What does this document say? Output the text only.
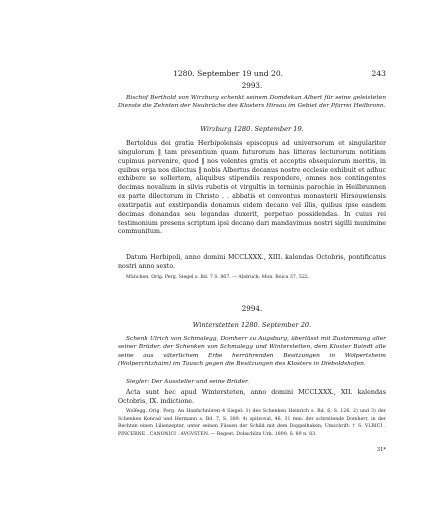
1280. September 19 und 20.	243
2993.
Bischof Berthold von Wirzburg schenkt seinem Domdekan Albert für seine geleisteten Dienste die Zehnten der Neubrüche des Klosters Hirsau im Gebiet der Pfarrei Heilbronn.
Wirzburg 1280. September 19.

Bertoldus dei gratia Herbipolensis episcopus ad universorum et singulariter singulorum ‖ tam presentium quam futurorum has litteras lecturorum notitiam cupimus pervenire, quod ‖ nos volentes gratis et acceptis obsequiorum meritis, in quibus erga nos dilectus ‖ nobis Albertus decanus nostre ecclesie exhibuit et adhuc exhibere se sollertem, aliquibus stipendiis respondere, omnes nos contingentes decimas novalium in silvis rubetis et virgultis in terminis parochie in Heilbrunnen ex parte dilectorum in Christo . . abbatis et conventus monasterii Hirsouwiensis exstirpatis aut exstirpandis donamus eidem decano vel illis, quibus ipse easdem decimas donandas seu legandas duxerit, perpetuo possidendas. In cuius rei testimonium presens scriptum ipsi decano dari mandavimus nostri sigilli munimine communitum.

Datum Herbipoli, anno domini MCCLXXX., XIII. kalendas Octobris, pontificatus nostri anno sexto.

München. Orig. Perg. Siegel s. Bd. 7 S. 867. — Abdruck: Mon. Boica 37, 522.
2994.
Winterstetten 1280. September 20.
Schenk Ulrich von Schmalegg, Domherr zu Augsburg, überlässt mit Zustimmung aller seiner Brüder, der Schenken von Schmalegg und Winterstetten, dem Kloster Baindt alle seine aus väterlichem Erbe herrührenden Besitzungen in Wolpertsheim (Wolperchtzhaim) im Tausch gegen die Besitzungen des Klosters in Dieboldshofen.
Siegler: Der Aussteller und seine Brüder.

Acta sunt hec apud Wintersteten, anno domini MCCLXXX., XII. kalendas Octobris, IX. indictione.

Wolfegg. Orig. Perg. An Hanfschnüren 4 Siegel: 1) des Schenken Heinrich s. Bd. 6, S. 126. 2) und 3) der Schenken Konrad und Hermann s. Bd. 7, S. 389. 4) spitzoval, 46, 31 mm: der schreitende Domherr, in der Rechten einen Lilienzepter, unter seinen Füssen der Schild mit dem Doppelhaken; Umschrift: † S. VLRICI . PINCERNE . CANONICI . AVGVSTEN. — Regest: Dobschütz Urk. 1890, S. 89 n. 83.
31*
